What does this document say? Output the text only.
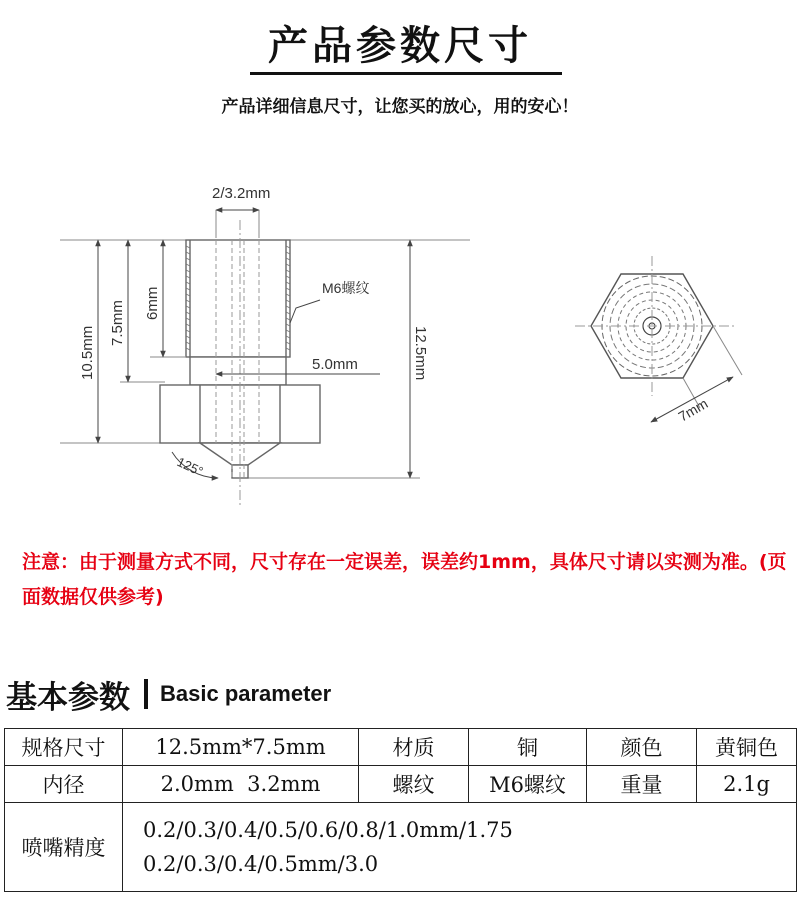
产品参数尺寸
产品详细信息尺寸，让您买的放心，用的安心！
2/3.2mm
M6螺纹
6mm
7.5mm
10.5mm	12.5mm
5.0mm
125°
7mm
注意：由于测量方式不同，尺寸存在一定误差，误差约1mm，具体尺寸请以实测为准。(页面数据仅供参考)
基本参数 Basic parameter
规格尺寸	12.5mm*7.5mm	材质	铜	颜色	黄铜色
内径	2.0mm  3.2mm	螺纹	M6螺纹	重量	2.1g
喷嘴精度	0.2/0.3/0.4/0.5/0.6/0.8/1.0mm/1.75
0.2/0.3/0.4/0.5mm/3.0				
